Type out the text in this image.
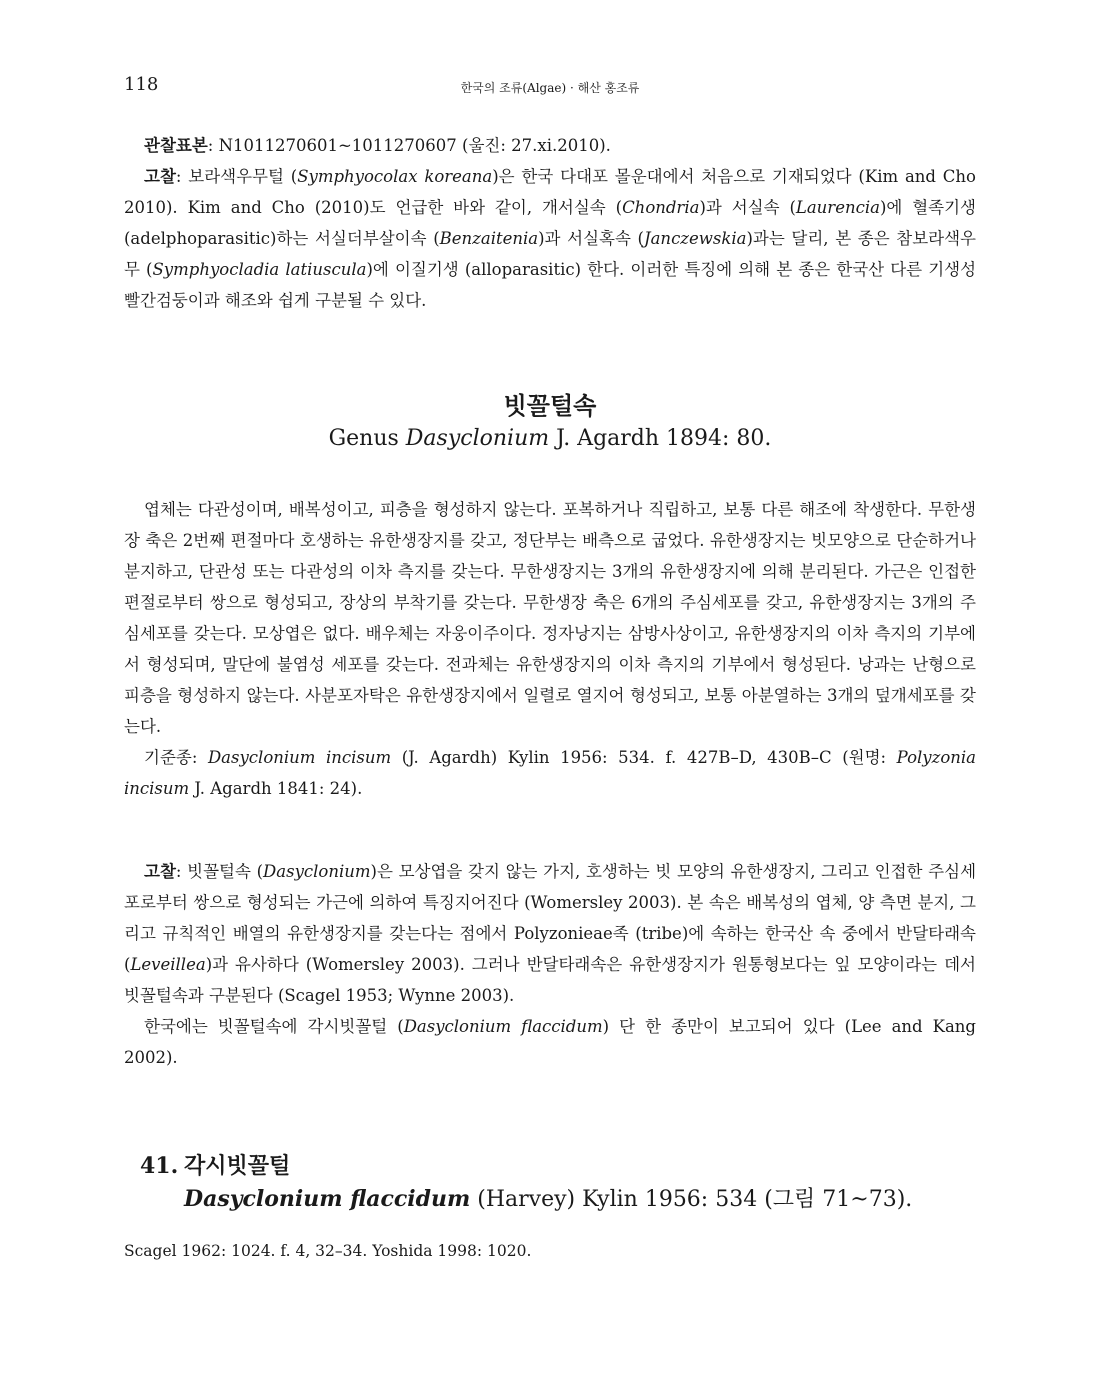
118	한국의 조류(Algae) · 해산 홍조류

관찰표본: N1011270601~1011270607 (울진: 27.xi.2010).

고찰: 보라색우무털 (Symphyocolax koreana)은 한국 다대포 몰운대에서 처음으로 기재되었다 (Kim and Cho 2010). Kim and Cho (2010)도 언급한 바와 같이, 개서실속 (Chondria)과 서실속 (Laurencia)에 혈족기생 (adelphoparasitic)하는 서실더부살이속 (Benzaitenia)과 서실혹속 (Janczewskia)과는 달리, 본 종은 참보라색우무 (Symphyocladia latiuscula)에 이질기생 (alloparasitic) 한다. 이러한 특징에 의해 본 종은 한국산 다른 기생성 빨간검둥이과 해조와 쉽게 구분될 수 있다.

빗꼴털속
Genus Dasyclonium J. Agardh 1894: 80.

엽체는 다관성이며, 배복성이고, 피층을 형성하지 않는다. 포복하거나 직립하고, 보통 다른 해조에 착생한다. 무한생장 축은 2번째 편절마다 호생하는 유한생장지를 갖고, 정단부는 배측으로 굽었다. 유한생장지는 빗모양으로 단순하거나 분지하고, 단관성 또는 다관성의 이차 측지를 갖는다. 무한생장지는 3개의 유한생장지에 의해 분리된다. 가근은 인접한 편절로부터 쌍으로 형성되고, 장상의 부착기를 갖는다. 무한생장 축은 6개의 주심세포를 갖고, 유한생장지는 3개의 주심세포를 갖는다. 모상엽은 없다. 배우체는 자웅이주이다. 정자낭지는 삼방사상이고, 유한생장지의 이차 측지의 기부에서 형성되며, 말단에 불염성 세포를 갖는다. 전과체는 유한생장지의 이차 측지의 기부에서 형성된다. 낭과는 난형으로 피층을 형성하지 않는다. 사분포자탁은 유한생장지에서 일렬로 열지어 형성되고, 보통 아분열하는 3개의 덮개세포를 갖는다.

기준종: Dasyclonium incisum (J. Agardh) Kylin 1956: 534. f. 427B–D, 430B–C (원명: Polyzonia incisum J. Agardh 1841: 24).

고찰: 빗꼴털속 (Dasyclonium)은 모상엽을 갖지 않는 가지, 호생하는 빗 모양의 유한생장지, 그리고 인접한 주심세포로부터 쌍으로 형성되는 가근에 의하여 특징지어진다 (Womersley 2003). 본 속은 배복성의 엽체, 양 측면 분지, 그리고 규칙적인 배열의 유한생장지를 갖는다는 점에서 Polyzonieae족 (tribe)에 속하는 한국산 속 중에서 반달타래속 (Leveillea)과 유사하다 (Womersley 2003). 그러나 반달타래속은 유한생장지가 원통형보다는 잎 모양이라는 데서 빗꼴털속과 구분된다 (Scagel 1953; Wynne 2003).

한국에는 빗꼴털속에 각시빗꼴털 (Dasyclonium flaccidum) 단 한 종만이 보고되어 있다 (Lee and Kang 2002).

41. 각시빗꼴털
Dasyclonium flaccidum (Harvey) Kylin 1956: 534 (그림 71~73).
Scagel 1962: 1024. f. 4, 32–34. Yoshida 1998: 1020.
